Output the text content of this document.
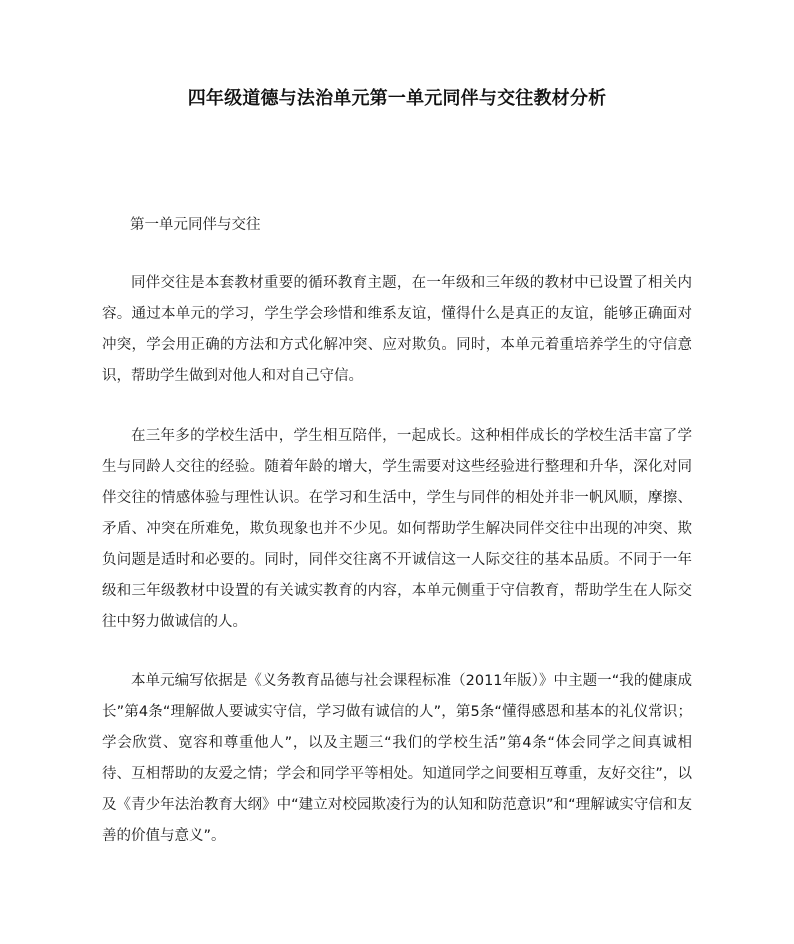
四年级道德与法治单元第一单元同伴与交往教材分析

第一单元同伴与交往

同伴交往是本套教材重要的循环教育主题，在一年级和三年级的教材中已设置了相关内容。通过本单元的学习，学生学会珍惜和维系友谊，懂得什么是真正的友谊，能够正确面对冲突，学会用正确的方法和方式化解冲突、应对欺负。同时，本单元着重培养学生的守信意识，帮助学生做到对他人和对自己守信。

在三年多的学校生活中，学生相互陪伴，一起成长。这种相伴成长的学校生活丰富了学生与同龄人交往的经验。随着年龄的增大，学生需要对这些经验进行整理和升华，深化对同伴交往的情感体验与理性认识。在学习和生活中，学生与同伴的相处并非一帆风顺，摩擦、矛盾、冲突在所难免，欺负现象也并不少见。如何帮助学生解决同伴交往中出现的冲突、欺负问题是适时和必要的。同时，同伴交往离不开诚信这一人际交往的基本品质。不同于一年级和三年级教材中设置的有关诚实教育的内容，本单元侧重于守信教育，帮助学生在人际交往中努力做诚信的人。

本单元编写依据是《义务教育品德与社会课程标准（2011年版）》中主题一“我的健康成长”第4条“理解做人要诚实守信，学习做有诚信的人”，第5条“懂得感恩和基本的礼仪常识；学会欣赏、宽容和尊重他人”，以及主题三“我们的学校生活”第4条“体会同学之间真诚相待、互相帮助的友爱之情；学会和同学平等相处。知道同学之间要相互尊重，友好交往”，以及《青少年法治教育大纲》中“建立对校园欺凌行为的认知和防范意识”和“理解诚实守信和友善的价值与意义”。
